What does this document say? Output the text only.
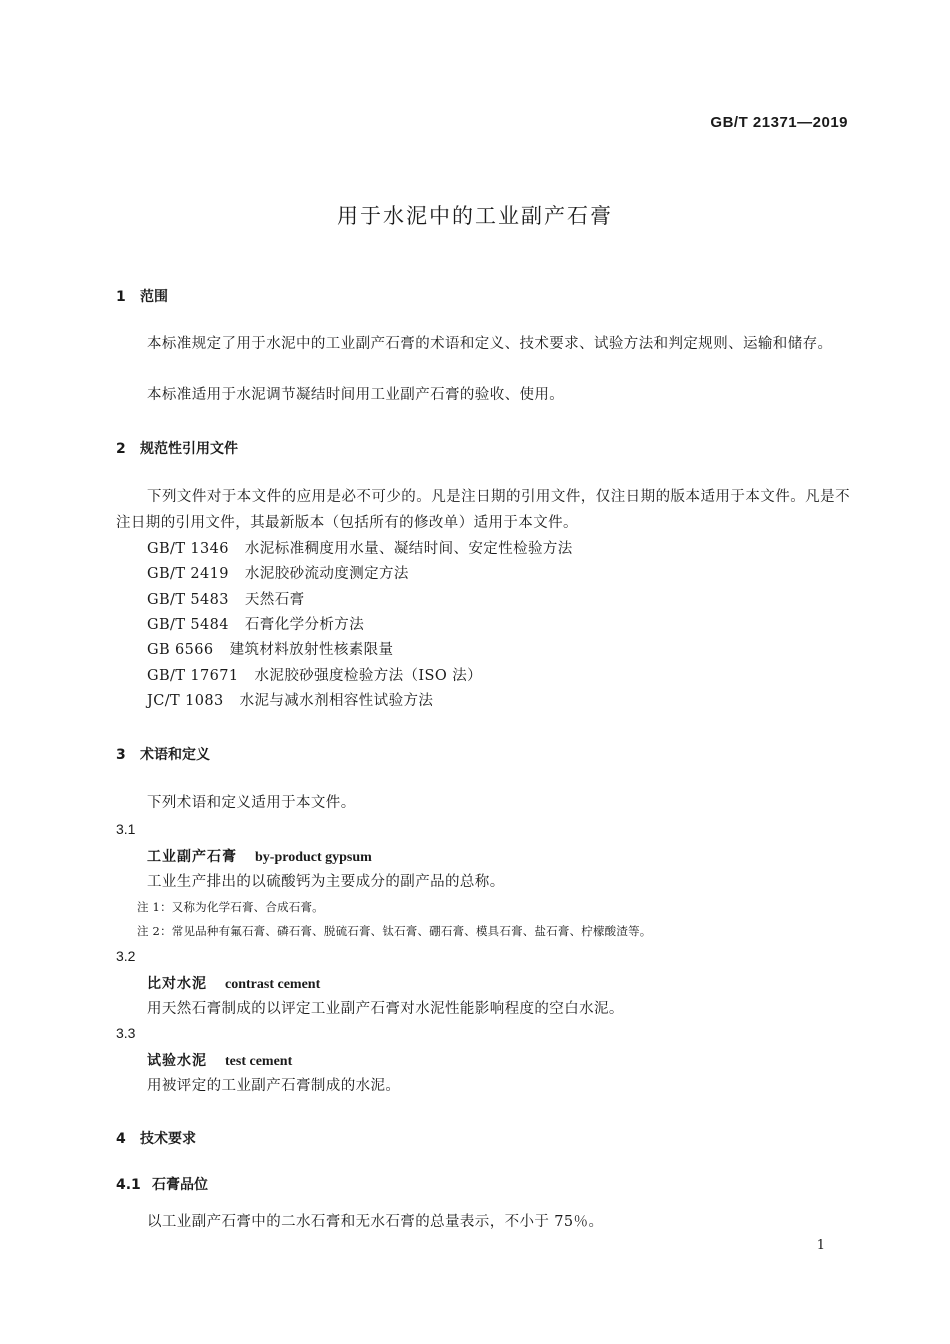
GB/T 21371—2019
用于水泥中的工业副产石膏
1 范围
本标准规定了用于水泥中的工业副产石膏的术语和定义、技术要求、试验方法和判定规则、运输和储存。
本标准适用于水泥调节凝结时间用工业副产石膏的验收、使用。
2 规范性引用文件
下列文件对于本文件的应用是必不可少的。凡是注日期的引用文件，仅注日期的版本适用于本文件。凡是不注日期的引用文件，其最新版本（包括所有的修改单）适用于本文件。
GB/T 1346 水泥标准稠度用水量、凝结时间、安定性检验方法
GB/T 2419 水泥胶砂流动度测定方法
GB/T 5483 天然石膏
GB/T 5484 石膏化学分析方法
GB 6566 建筑材料放射性核素限量
GB/T 17671 水泥胶砂强度检验方法（ISO 法）
JC/T 1083 水泥与减水剂相容性试验方法
3 术语和定义
下列术语和定义适用于本文件。
3.1
工业副产石膏 by-product gypsum
工业生产排出的以硫酸钙为主要成分的副产品的总称。
注 1：又称为化学石膏、合成石膏。
注 2：常见品种有氟石膏、磷石膏、脱硫石膏、钛石膏、硼石膏、模具石膏、盐石膏、柠檬酸渣等。
3.2
比对水泥 contrast cement
用天然石膏制成的以评定工业副产石膏对水泥性能影响程度的空白水泥。
3.3
试验水泥 test cement
用被评定的工业副产石膏制成的水泥。
4 技术要求
4.1 石膏品位
以工业副产石膏中的二水石膏和无水石膏的总量表示，不小于 75％。
1
